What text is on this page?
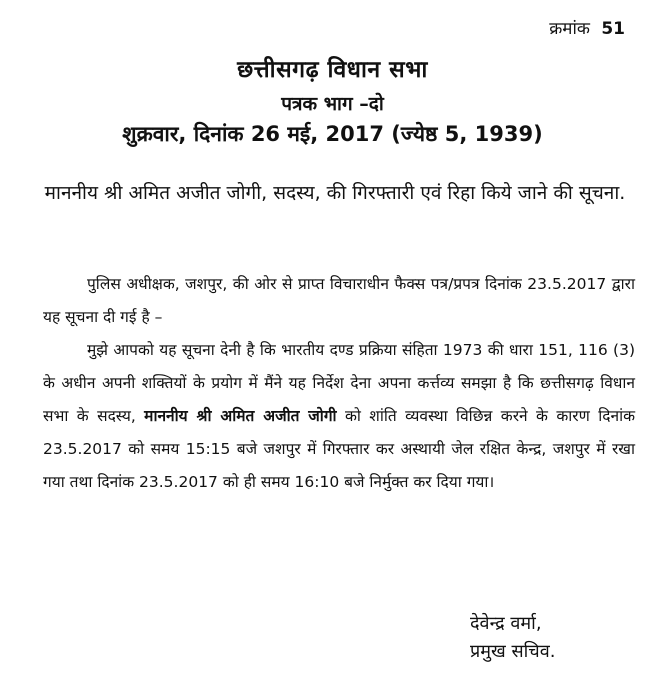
क्रमांक 51
छत्तीसगढ़ विधान सभा
पत्रक भाग –दो
शुक्रवार, दिनांक 26 मई, 2017 (ज्येष्ठ 5, 1939)
माननीय श्री अमित अजीत जोगी, सदस्य, की गिरफ्तारी एवं रिहा किये जाने की सूचना.

पुलिस अधीक्षक, जशपुर, की ओर से प्राप्त विचाराधीन फैक्स पत्र/प्रपत्र दिनांक 23.5.2017 द्वारा यह सूचना दी गई है –

मुझे आपको यह सूचना देनी है कि भारतीय दण्ड प्रक्रिया संहिता 1973 की धारा 151, 116 (3) के अधीन अपनी शक्तियों के प्रयोग में मैंने यह निर्देश देना अपना कर्त्तव्य समझा है कि छत्तीसगढ़ विधान सभा के सदस्य, माननीय श्री अमित अजीत जोगी को शांति व्यवस्था विछिन्न करने के कारण दिनांक 23.5.2017 को समय 15:15 बजे जशपुर में गिरफ्तार कर अस्थायी जेल रक्षित केन्द्र, जशपुर में रखा गया तथा दिनांक 23.5.2017 को ही समय 16:10 बजे निर्मुक्त कर दिया गया।

देवेन्द्र वर्मा,
प्रमुख सचिव.
